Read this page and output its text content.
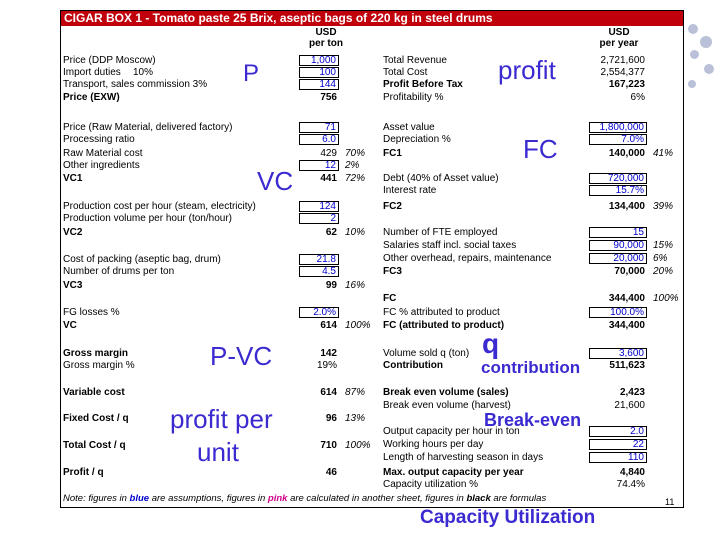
CIGAR BOX 1 - Tomato paste 25 Brix, aseptic bags of 220 kg in steel drums
USD
per ton
USD
per year
Price (DDP Moscow)	1,000
Import duties 10%	100
Transport, sales commission 3%	144
Price (EXW)	756
Price (Raw Material, delivered factory)	71
Processing ratio	6.0
Raw Material cost	429 70%
Other ingredients	12 2%
VC1	441 72%
Production cost per hour (steam, electricity)	124
Production volume per hour (ton/hour)	2
VC2	62 10%
Cost of packing (aseptic bag, drum)	21.8
Number of drums per ton	4.5
VC3	99 16%
FG losses %	2.0%
VC	614 100%
Gross margin	142
Gross margin %	19%
Variable cost	614 87%
Fixed Cost / q	96 13%
Total Cost / q	710 100%
Profit / q	46
Total Revenue	2,721,600
Total Cost	2,554,377
Profit Before Tax	167,223
Profitability %	6%
Asset value	1,800,000
Depreciation %	7.0%
FC1	140,000 41%
Debt (40% of Asset value)	720,000
Interest rate	15.7%
FC2	134,400 39%
Number of FTE employed	15
Salaries staff incl. social taxes	90,000 15%
Other overhead, repairs, maintenance	20,000 6%
FC3	70,000 20%
FC	344,400 100%
FC % attributed to product	100.0%
FC (attributed to product)	344,400
Volume sold q (ton)	3,600
Contribution	511,623
Break even volume (sales)	2,423
Break even volume (harvest)	21,600
Output capacity per hour in ton	2.0
Working hours per day	22
Length of harvesting season in days	110
Max. output capacity per year	4,840
Capacity utilization %	74.4%
Note: figures in blue are assumptions, figures in pink are calculated in another sheet, figures in black are formulas	11
P	profit
FC
VC
P-VC	q
contribution
profit per
unit
Break-even
Capacity Utilization
